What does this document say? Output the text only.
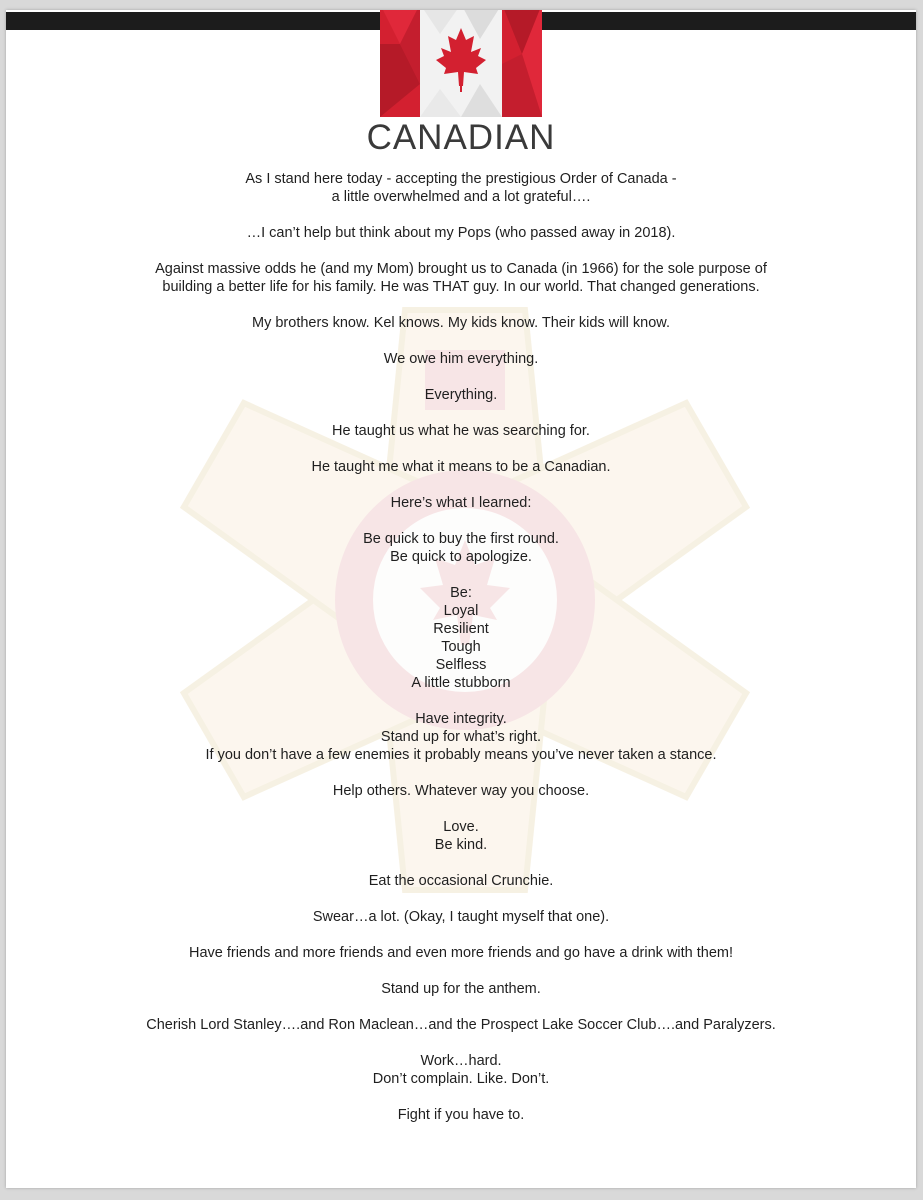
CANADIAN
As I stand here today - accepting the prestigious Order of Canada -
a little overwhelmed and a lot grateful….
…I can’t help but think about my Pops (who passed away in 2018).
Against massive odds he (and my Mom) brought us to Canada (in 1966) for the sole purpose of
building a better life for his family. He was THAT guy. In our world. That changed generations.
My brothers know. Kel knows. My kids know. Their kids will know.
We owe him everything.
Everything.
He taught us what he was searching for.
He taught me what it means to be a Canadian.
Here’s what I learned:
Be quick to buy the first round.
Be quick to apologize.
Be:
Loyal
Resilient
Tough
Selfless
A little stubborn
Have integrity.
Stand up for what’s right.
If you don’t have a few enemies it probably means you’ve never taken a stance.
Help others. Whatever way you choose.
Love.
Be kind.
Eat the occasional Crunchie.
Swear…a lot. (Okay, I taught myself that one).
Have friends and more friends and even more friends and go have a drink with them!
Stand up for the anthem.
Cherish Lord Stanley….and Ron Maclean…and the Prospect Lake Soccer Club….and Paralyzers.
Work…hard.
Don’t complain. Like. Don’t.
Fight if you have to.
